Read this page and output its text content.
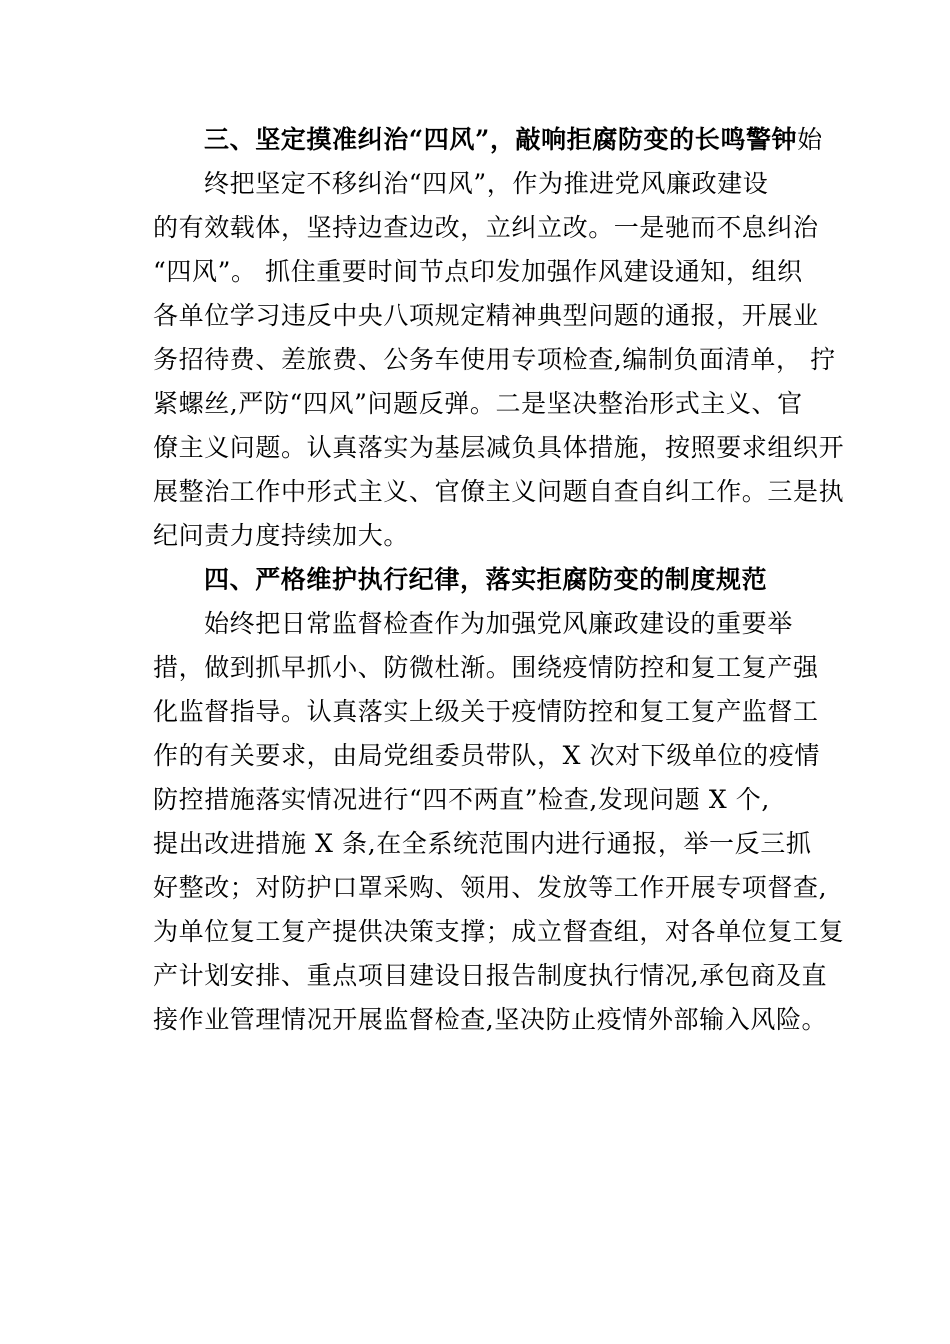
三、坚定摸准纠治“四风”，敲响拒腐防变的长鸣警钟始
终把坚定不移纠治“四风”，作为推进党风廉政建设
的有效载体，坚持边查边改，立纠立改。一是驰而不息纠治
“四风”。 抓住重要时间节点印发加强作风建设通知，组织
各单位学习违反中央八项规定精神典型问题的通报，开展业
务招待费、差旅费、公务车使用专项检查,编制负面清单， 拧
紧螺丝,严防“四风”问题反弹。二是坚决整治形式主义、官
僚主义问题。认真落实为基层减负具体措施，按照要求组织开
展整治工作中形式主义、官僚主义问题自查自纠工作。三是执
纪问责力度持续加大。
四、严格维护执行纪律，落实拒腐防变的制度规范
始终把日常监督检查作为加强党风廉政建设的重要举
措，做到抓早抓小、防微杜渐。围绕疫情防控和复工复产强
化监督指导。认真落实上级关于疫情防控和复工复产监督工
作的有关要求，由局党组委员带队，X 次对下级单位的疫情
防控措施落实情况进行“四不两直”检查,发现问题 X 个,
提出改进措施 X 条,在全系统范围内进行通报，举一反三抓
好整改；对防护口罩采购、领用、发放等工作开展专项督查,
为单位复工复产提供决策支撑；成立督查组，对各单位复工复
产计划安排、重点项目建设日报告制度执行情况,承包商及直
接作业管理情况开展监督检查,坚决防止疫情外部输入风险。
